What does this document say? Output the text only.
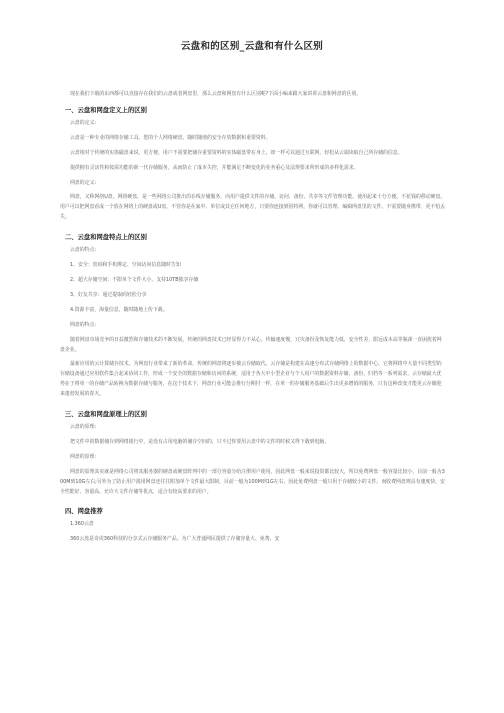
云盘和的区别_云盘和有什么区别

现在我们下载的东西都可以直接存在我们的云盘或者网盘里，那么云盘和网盘有什么区别呢?下面小编来跟大家讲讲云盘和网盘的区别。

一、云盘和网盘定义上的区别

云盘的定义:

云盘是一种专业的网络存储工具。您的个人网络硬盘，随时随地的安全存放数据和重要资料。

云盘相对于传统的实体磁盘来说，更方便，用户不需要把储存重要资料的实体磁盘带在身上，却一样可以通过互联网，轻松从云端读取自己所存储的信息。

提供拥有灵活性和按需功能的新一代存储服务，从而防止了成本失控，并能满足不断变化的业务重心及法规要求所形成的多样化需求。

网盘的定义:

网盘，又称网络U盘、网络硬盘，是一些网络公司推出的在线存储服务。向用户提供文件的存储、访问、备份、共享等文件管理功能。使用起来十分方便。不花钱的移动硬盘。用户可以把网盘看成一个放在网络上的硬盘或U盘，不管你是在家中、单位或其它任何地方，只要你连接到因特网，你就可以管理、编辑网盘里的文件。不需要随身携带，更不怕丢失。

二、云盘和网盘特点上的区别

云盘的特点:

1、安全：密码和手机绑定、空间访问信息随时告知

2、超大存储空间：不限单个文件大小，支持10TB独享存储

3、好友共享：通过提取码轻松分享

4.资源丰富，海量信息，随时随地上传下载。

网盘的特点:

随着网盘市场竞争的日益激烈和存储技术的不断发展，传统的网盘技术已经显得力不从心。传输速度慢，冗灾备份及恢复能力低，安全性差，限远成本高等瓶颈一直困扰着网盘企业。

最新应用的云计算储存技术，为网盘行业带来了新的革命。传统的网盘将逐步被云存储取代。云存储是构建在高速分布式存储网络上的数据中心，它将网络中大量不同类型的存储设备通过应用软件集合起来协同工作，形成一个安全的数据存储和访问的系统，适用于各大中小型企业与个人用户的数据资料存储、备份、归档等一系列需求。云存储最大优势在于将单一的存储产品转换为数据存储与服务，在这个技术下，网盘行业可能会推行分期付一样，在单一的存储服务基础后生出更多增值的服务，只有这种改变才能更云存储迎来蓬勃发展的春天。

三、云盘和网盘原理上的区别

云盘的原理:

把文件中的数据储存到网络银行中，是没有占用电脑的储存空间的，只不过你要用云盘中的文件的时候又得下载到电脑。

网盘的原理:

网盘的原理其实就是网络公司将其服务器的硬盘或硬盘阵列中的一部分容量分给注册用户使用。因此网盘一般来说投资都比较大，所以免费网盘一般容量比较小，目前一般为300M到10G左右;另外为了防止用户滥用网盘还往往附加单个文件最大限制，目前一般为100M到1G左右，因此免费网盘一般只用于存储较小的文件。而收费网盘则具有速度快、安全性能好、容量高、允许大文件存储等优点，适合有较高要求的用户。

四、网盘推荐

1.360云盘

360云盘是奇虎360科技的分享式云存储服务产品。为广大普通网民提供了存储容量大、免费、安
